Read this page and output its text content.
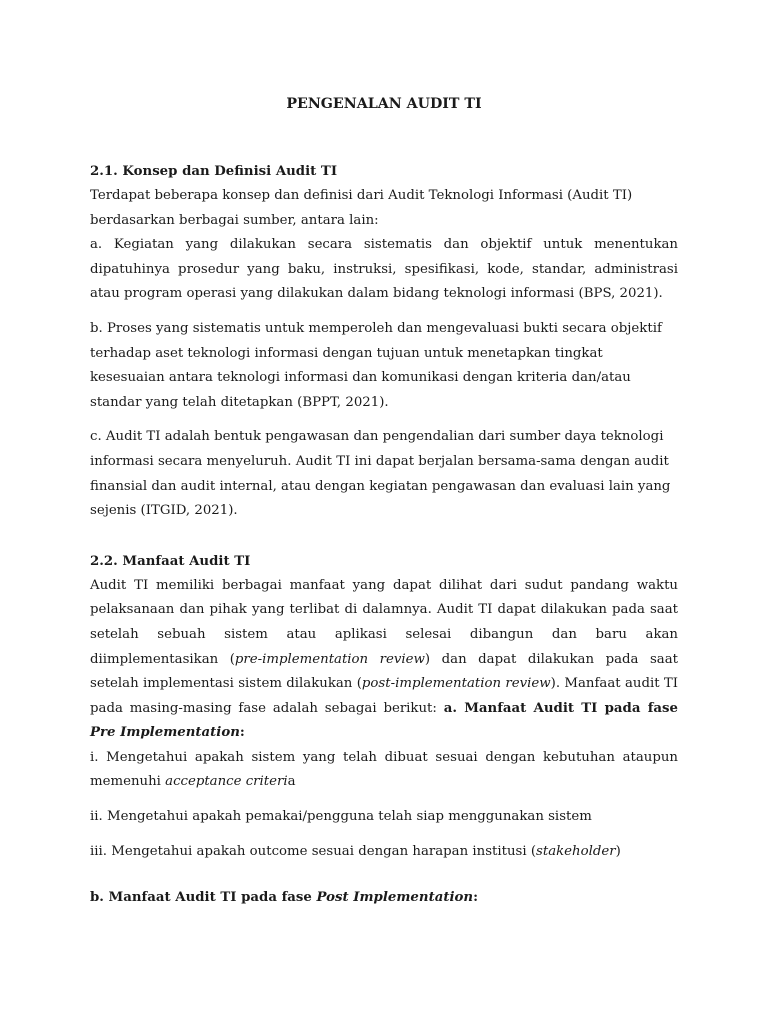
PENGENALAN AUDIT TI
2.1. Konsep dan Definisi Audit TI

Terdapat beberapa konsep dan definisi dari Audit Teknologi Informasi (Audit TI) berdasarkan berbagai sumber, antara lain:

a. Kegiatan yang dilakukan secara sistematis dan objektif untuk menentukan dipatuhinya prosedur yang baku, instruksi, spesifikasi, kode, standar, administrasi atau program operasi yang dilakukan dalam bidang teknologi informasi (BPS, 2021).

b. Proses yang sistematis untuk memperoleh dan mengevaluasi bukti secara objektif terhadap aset teknologi informasi dengan tujuan untuk menetapkan tingkat kesesuaian antara teknologi informasi dan komunikasi dengan kriteria dan/atau standar yang telah ditetapkan (BPPT, 2021).

c. Audit TI adalah bentuk pengawasan dan pengendalian dari sumber daya teknologi informasi secara menyeluruh. Audit TI ini dapat berjalan bersama-sama dengan audit finansial dan audit internal, atau dengan kegiatan pengawasan dan evaluasi lain yang sejenis (ITGID, 2021).

2.2. Manfaat Audit TI

Audit TI memiliki berbagai manfaat yang dapat dilihat dari sudut pandang waktu pelaksanaan dan pihak yang terlibat di dalamnya. Audit TI dapat dilakukan pada saat setelah sebuah sistem atau aplikasi selesai dibangun dan baru akan diimplementasikan (pre-implementation review) dan dapat dilakukan pada saat setelah implementasi sistem dilakukan (post-implementation review). Manfaat audit TI pada masing-masing fase adalah sebagai berikut: a. Manfaat Audit TI pada fase Pre Implementation:

i. Mengetahui apakah sistem yang telah dibuat sesuai dengan kebutuhan ataupun memenuhi acceptance criteria

ii. Mengetahui apakah pemakai/pengguna telah siap menggunakan sistem

iii. Mengetahui apakah outcome sesuai dengan harapan institusi (stakeholder)

b. Manfaat Audit TI pada fase Post Implementation:
